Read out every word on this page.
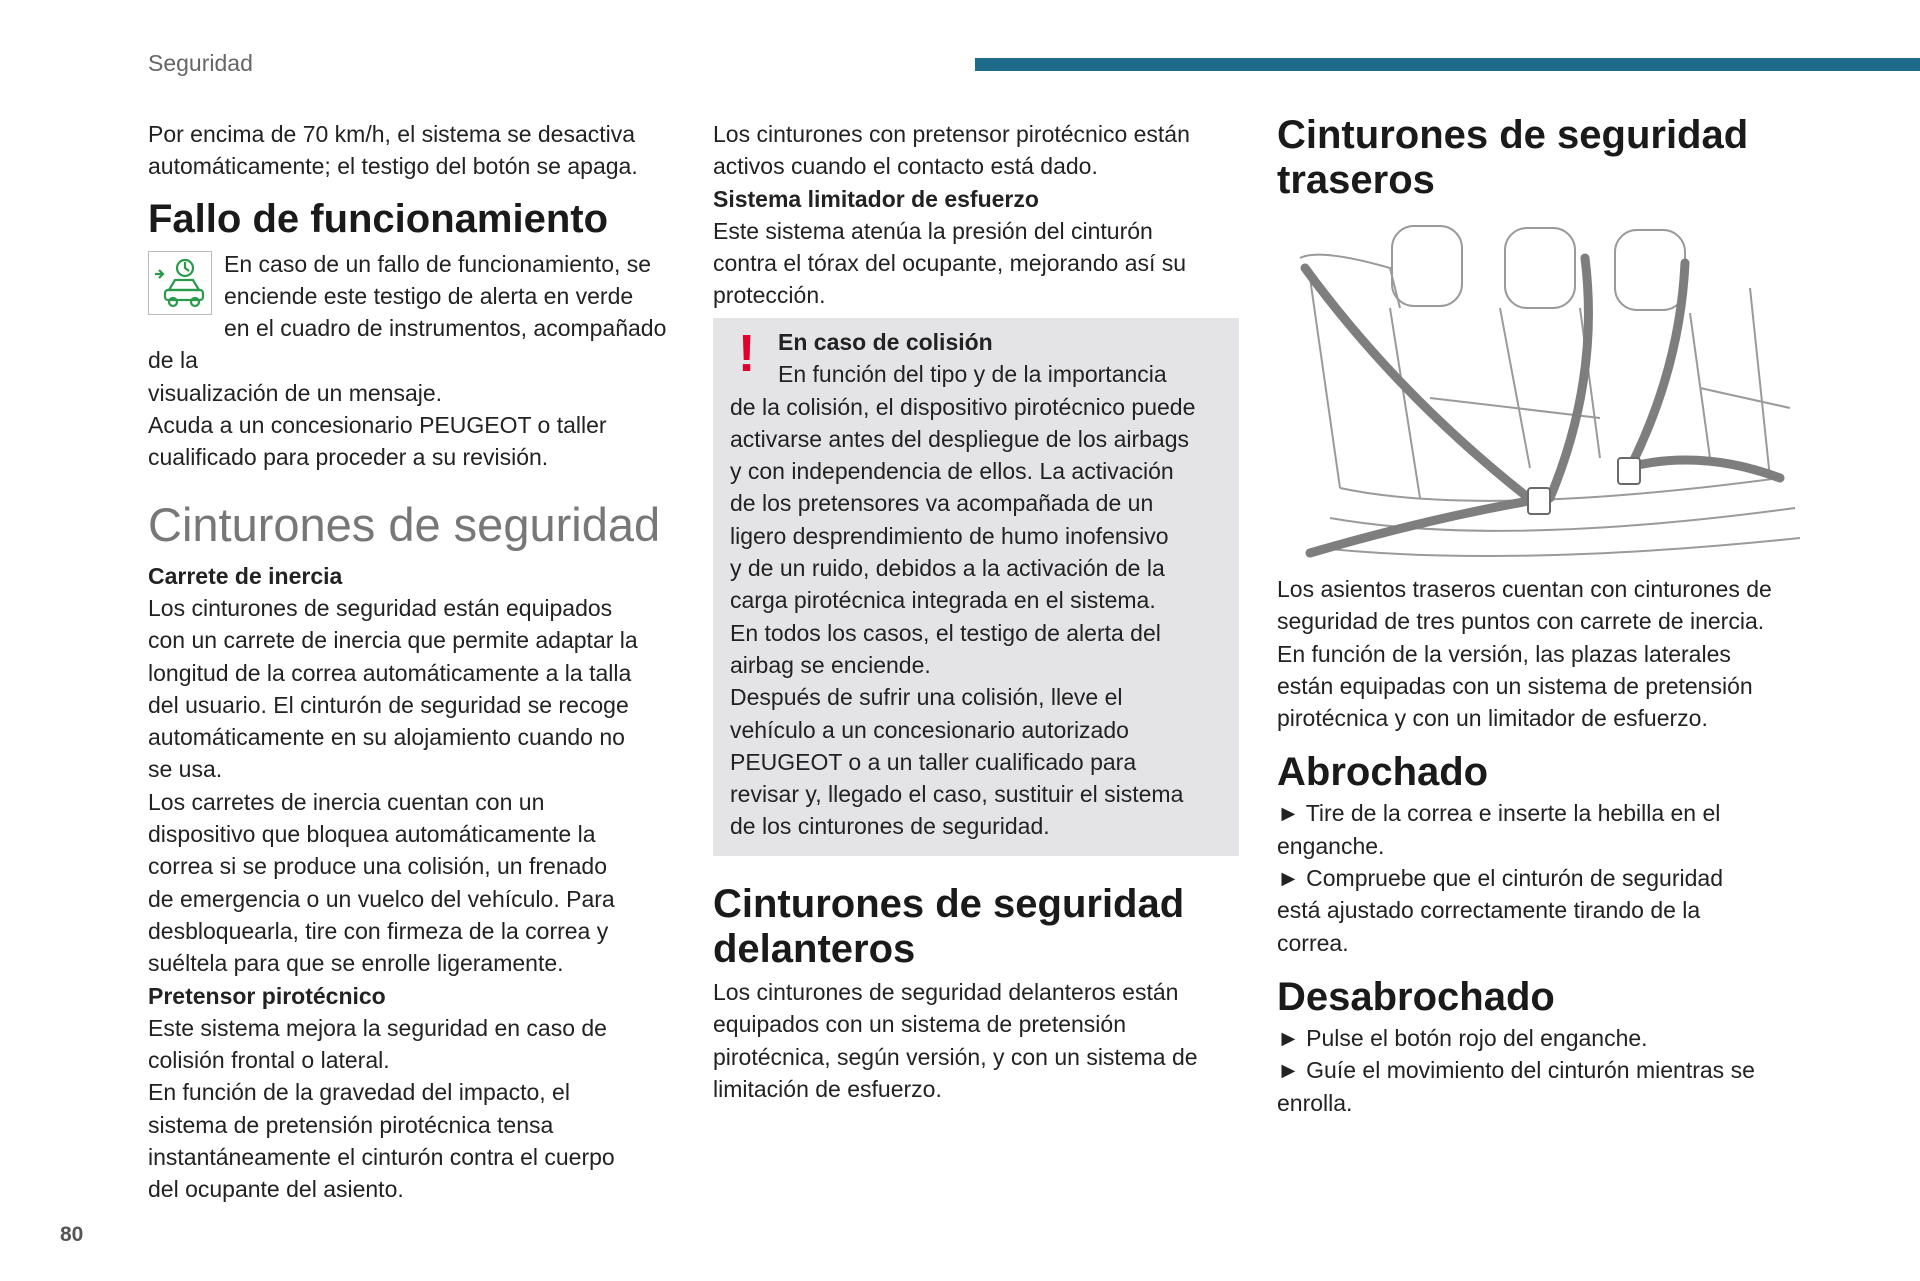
Seguridad

Por encima de 70 km/h, el sistema se desactiva

automáticamente; el testigo del botón se apaga.

Fallo de funcionamiento

En caso de un fallo de funcionamiento, se

enciende este testigo de alerta en verde

en el cuadro de instrumentos, acompañado de la

visualización de un mensaje.

Acuda a un concesionario PEUGEOT o taller

cualificado para proceder a su revisión.

Cinturones de seguridad

Carrete de inercia

Los cinturones de seguridad están equipados

con un carrete de inercia que permite adaptar la

longitud de la correa automáticamente a la talla

del usuario. El cinturón de seguridad se recoge

automáticamente en su alojamiento cuando no

se usa.

Los carretes de inercia cuentan con un

dispositivo que bloquea automáticamente la

correa si se produce una colisión, un frenado

de emergencia o un vuelco del vehículo. Para

desbloquearla, tire con firmeza de la correa y

suéltela para que se enrolle ligeramente.

Pretensor pirotécnico

Este sistema mejora la seguridad en caso de

colisión frontal o lateral.

En función de la gravedad del impacto, el

sistema de pretensión pirotécnica tensa

instantáneamente el cinturón contra el cuerpo

del ocupante del asiento.

Los cinturones con pretensor pirotécnico están

activos cuando el contacto está dado.

Sistema limitador de esfuerzo

Este sistema atenúa la presión del cinturón

contra el tórax del ocupante, mejorando así su

protección.

! En caso de colisión

En función del tipo y de la importancia

de la colisión, el dispositivo pirotécnico puede

activarse antes del despliegue de los airbags

y con independencia de ellos. La activación

de los pretensores va acompañada de un

ligero desprendimiento de humo inofensivo

y de un ruido, debidos a la activación de la

carga pirotécnica integrada en el sistema.

En todos los casos, el testigo de alerta del

airbag se enciende.

Después de sufrir una colisión, lleve el

vehículo a un concesionario autorizado

PEUGEOT o a un taller cualificado para

revisar y, llegado el caso, sustituir el sistema

de los cinturones de seguridad.

Cinturones de seguridad
delanteros

Los cinturones de seguridad delanteros están

equipados con un sistema de pretensión

pirotécnica, según versión, y con un sistema de

limitación de esfuerzo.

Cinturones de seguridad
traseros

Los asientos traseros cuentan con cinturones de

seguridad de tres puntos con carrete de inercia.

En función de la versión, las plazas laterales

están equipadas con un sistema de pretensión

pirotécnica y con un limitador de esfuerzo.

Abrochado

► Tire de la correa e inserte la hebilla en el

enganche.

► Compruebe que el cinturón de seguridad

está ajustado correctamente tirando de la

correa.

Desabrochado

► Pulse el botón rojo del enganche.

► Guíe el movimiento del cinturón mientras se

enrolla.

80
